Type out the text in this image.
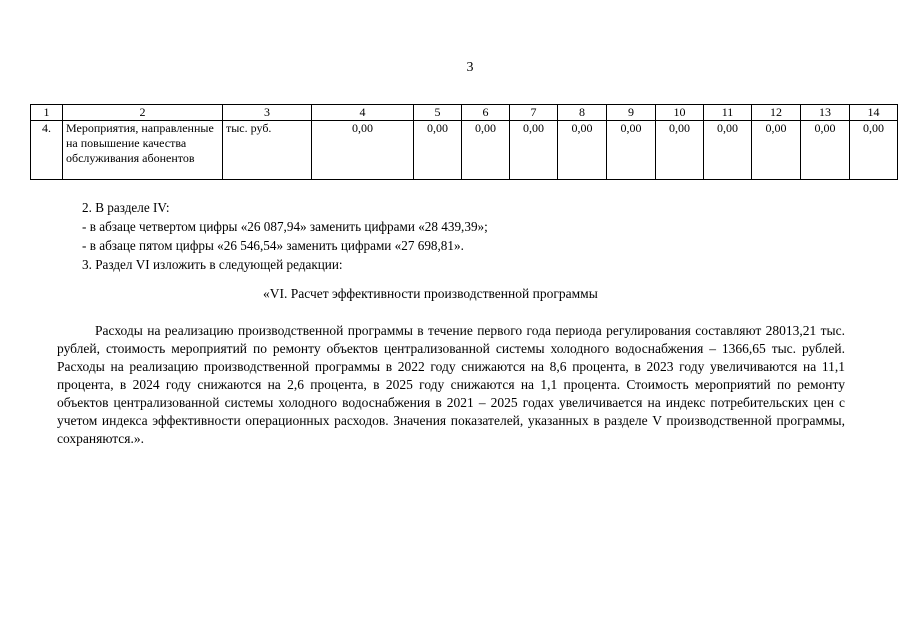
3
1	2	3	4	5	6	7	8	9	10	11	12	13	14
4.	Мероприятия, направленные на повышение качества обслуживания абонентов	тыс. руб.	0,00	0,00	0,00	0,00	0,00	0,00	0,00	0,00	0,00	0,00	0,00

2. В разделе IV:

- в абзаце четвертом цифры «26 087,94» заменить цифрами «28 439,39»;

- в абзаце пятом цифры «26 546,54» заменить цифрами «27 698,81».

3. Раздел VI изложить в следующей редакции:

«VI. Расчет эффективности производственной программы

Расходы на реализацию производственной программы в течение первого года периода регулирования составляют 28013,21 тыс. рублей, стоимость мероприятий по ремонту объектов централизованной системы холодного водоснабжения – 1366,65 тыс. рублей. Расходы на реализацию производственной программы в 2022 году снижаются на 8,6 процента, в 2023 году увеличиваются на 11,1 процента, в 2024 году снижаются на 2,6 процента, в 2025 году снижаются на 1,1 процента. Стоимость мероприятий по ремонту объектов централизованной системы холодного водоснабжения в 2021 – 2025 годах увеличивается на индекс потребительских цен с учетом индекса эффективности операционных расходов. Значения показателей, указанных в разделе V производственной программы, сохраняются.».
